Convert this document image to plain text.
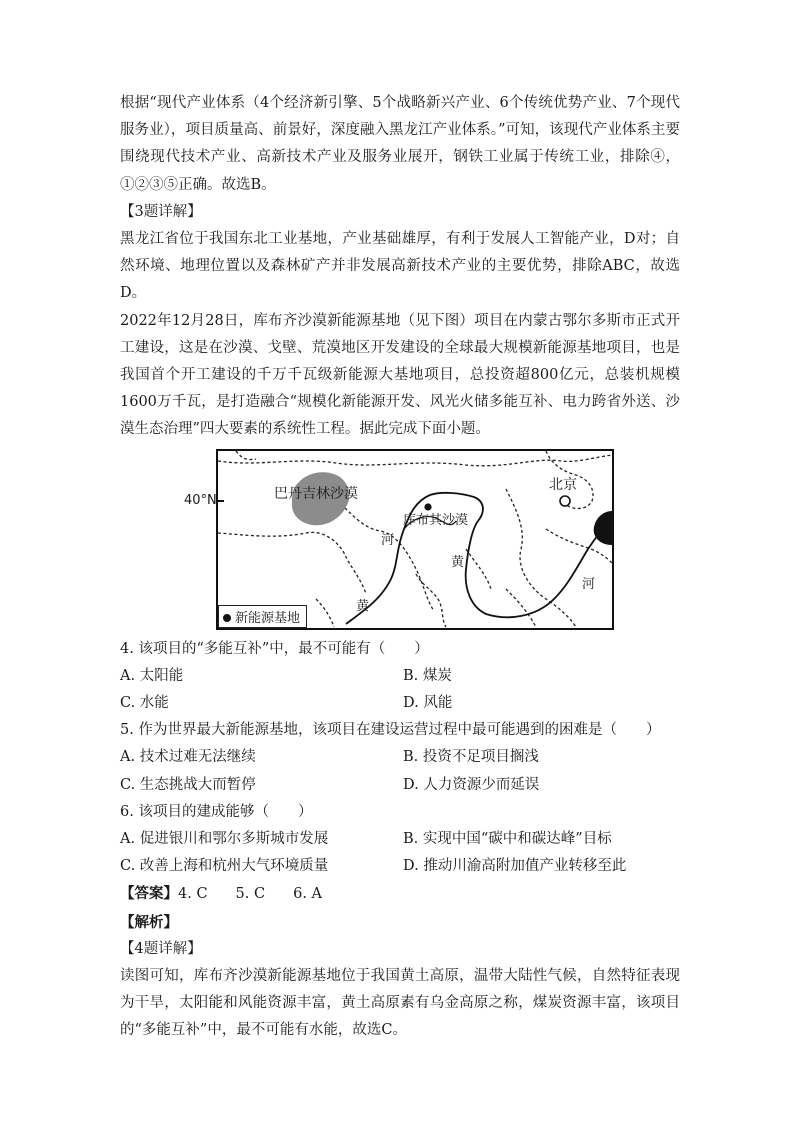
根据“现代产业体系（4个经济新引擎、5个战略新兴产业、6个传统优势产业、7个现代服务业），项目质量高、前景好，深度融入黑龙江产业体系。”可知，该现代产业体系主要围绕现代技术产业、高新技术产业及服务业展开，钢铁工业属于传统工业，排除④，①②③⑤正确。故选B。

【3题详解】

黑龙江省位于我国东北工业基地，产业基础雄厚，有利于发展人工智能产业，D对；自然环境、地理位置以及森林矿产并非发展高新技术产业的主要优势，排除ABC，故选D。

2022年12月28日，库布齐沙漠新能源基地（见下图）项目在内蒙古鄂尔多斯市正式开工建设，这是在沙漠、戈壁、荒漠地区开发建设的全球最大规模新能源基地项目，也是我国首个开工建设的千万千瓦级新能源大基地项目，总投资超800亿元，总装机规模1600万千瓦，是打造融合“规模化新能源开发、风光火储多能互补、电力跨省外送、沙漠生态治理”四大要素的系统性工程。据此完成下面小题。

40°N	巴丹吉林沙漠
库布其沙漠
北京
河
黄
黄
河
新能源基地

4. 该项目的“多能互补”中，最不可能有（　　）

A. 太阳能	B. 煤炭
C. 水能	D. 风能

5. 作为世界最大新能源基地，该项目在建设运营过程中最可能遇到的困难是（　　）

A. 技术过难无法继续	B. 投资不足项目搁浅
C. 生态挑战大而暂停	D. 人力资源少而延误

6. 该项目的建成能够（　　）

A. 促进银川和鄂尔多斯城市发展	B. 实现中国“碳中和碳达峰”目标
C. 改善上海和杭州大气环境质量	D. 推动川渝高附加值产业转移至此

【答案】4. C 5. C 6. A

【解析】

【4题详解】

读图可知，库布齐沙漠新能源基地位于我国黄土高原，温带大陆性气候，自然特征表现为干旱，太阳能和风能资源丰富，黄土高原素有乌金高原之称，煤炭资源丰富，该项目的“多能互补”中，最不可能有水能，故选C。
